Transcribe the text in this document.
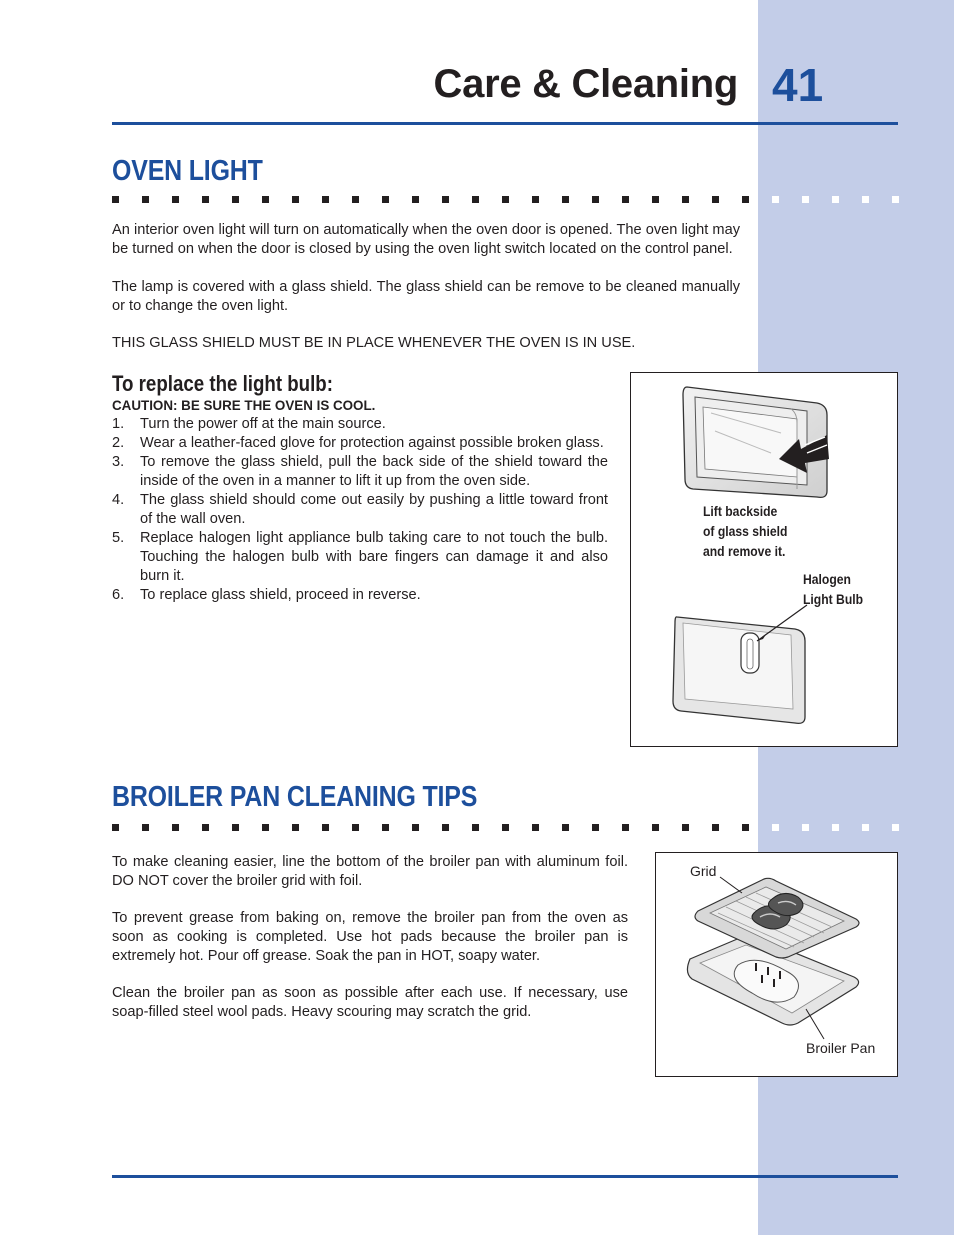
Care & Cleaning 41
OVEN LIGHT

An interior oven light will turn on automatically when the oven door is opened. The oven light may be turned on when the door is closed by using the oven light switch located on the control panel.

The lamp is covered with a glass shield. The glass shield can be remove to be cleaned manually or to change the oven light.

THIS GLASS SHIELD MUST BE IN PLACE WHENEVER THE OVEN IS IN USE.

To replace the light bulb:
CAUTION: BE SURE THE OVEN IS COOL.
1. Turn the power off at the main source.
2. Wear a leather-faced glove for protection against possible broken glass.
3. To remove the glass shield, pull the back side of the shield toward the inside of the oven in a manner to lift it up from the oven side.
4. The glass shield should come out easily by pushing a little toward front of the wall oven.
5. Replace halogen light appliance bulb taking care to not touch the bulb. Touching the halogen bulb with bare fingers can damage it and also burn it.
6. To replace glass shield, proceed in reverse.
Lift backside
of glass shield
and remove it.
Halogen
Light Bulb
BROILER PAN CLEANING TIPS

To make cleaning easier, line the bottom of the broiler pan with aluminum foil. DO NOT cover the broiler grid with foil.

To prevent grease from baking on, remove the broiler pan from the oven as soon as cooking is completed. Use hot pads because the broiler pan is extremely hot. Pour off grease. Soak the pan in HOT, soapy water.

Clean the broiler pan as soon as possible after each use. If necessary, use soap-filled steel wool pads. Heavy scouring may scratch the grid.

Grid
Broiler Pan
